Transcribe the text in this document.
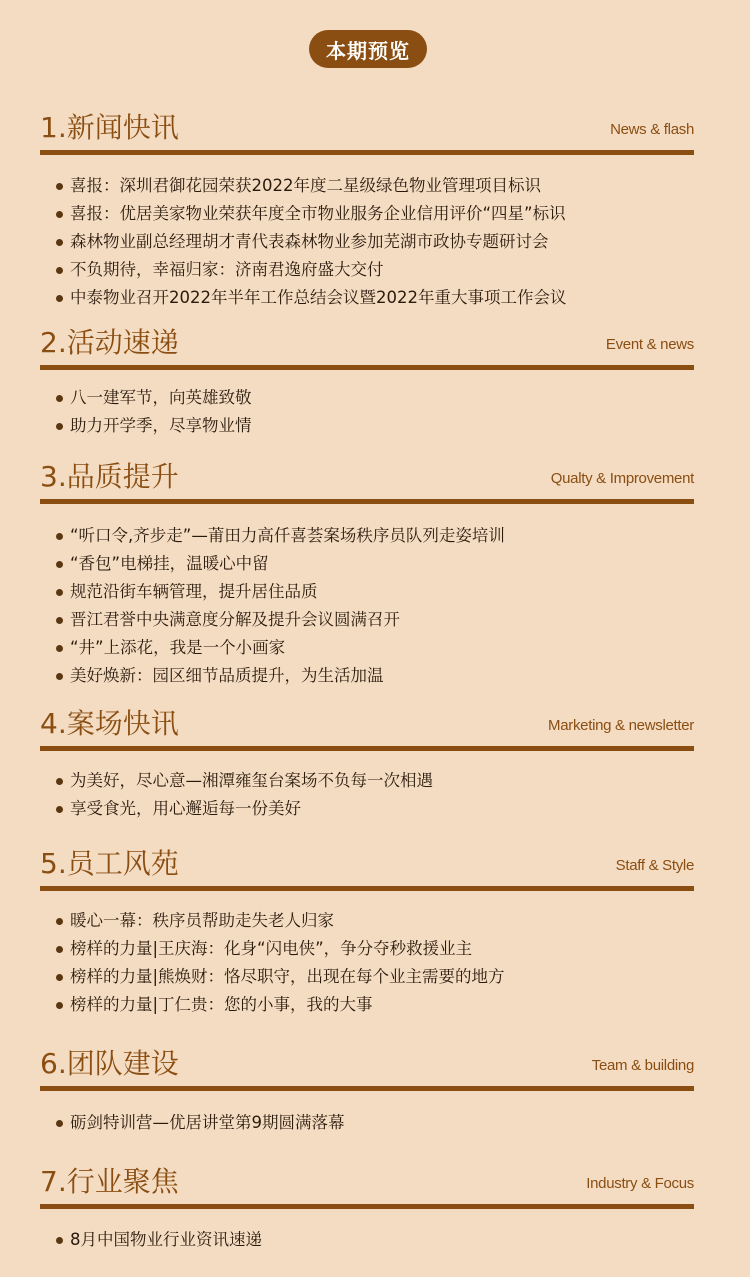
本期预览
1.新闻快讯	News & flash
喜报：深圳君御花园荣获2022年度二星级绿色物业管理项目标识
喜报：优居美家物业荣获年度全市物业服务企业信用评价“四星”标识
森林物业副总经理胡才青代表森林物业参加芜湖市政协专题研讨会
不负期待，幸福归家：济南君逸府盛大交付
中泰物业召开2022年半年工作总结会议暨2022年重大事项工作会议
2.活动速递	Event & news
八一建军节，向英雄致敬
助力开学季，尽享物业情
3.品质提升	Qualty & Improvement
“听口令,齐步走”—莆田力高仟喜荟案场秩序员队列走姿培训
“香包”电梯挂，温暖心中留
规范沿街车辆管理，提升居住品质
晋江君誉中央满意度分解及提升会议圆满召开
“井”上添花，我是一个小画家
美好焕新：园区细节品质提升，为生活加温
4.案场快讯	Marketing & newsletter
为美好，尽心意—湘潭雍玺台案场不负每一次相遇
享受食光，用心邂逅每一份美好
5.员工风苑	Staff & Style
暖心一幕：秩序员帮助走失老人归家
榜样的力量|王庆海：化身“闪电侠”，争分夺秒救援业主
榜样的力量|熊焕财：恪尽职守，出现在每个业主需要的地方
榜样的力量|丁仁贵：您的小事，我的大事
6.团队建设	Team & building
砺剑特训营—优居讲堂第9期圆满落幕
7.行业聚焦	Industry & Focus
8月中国物业行业资讯速递
